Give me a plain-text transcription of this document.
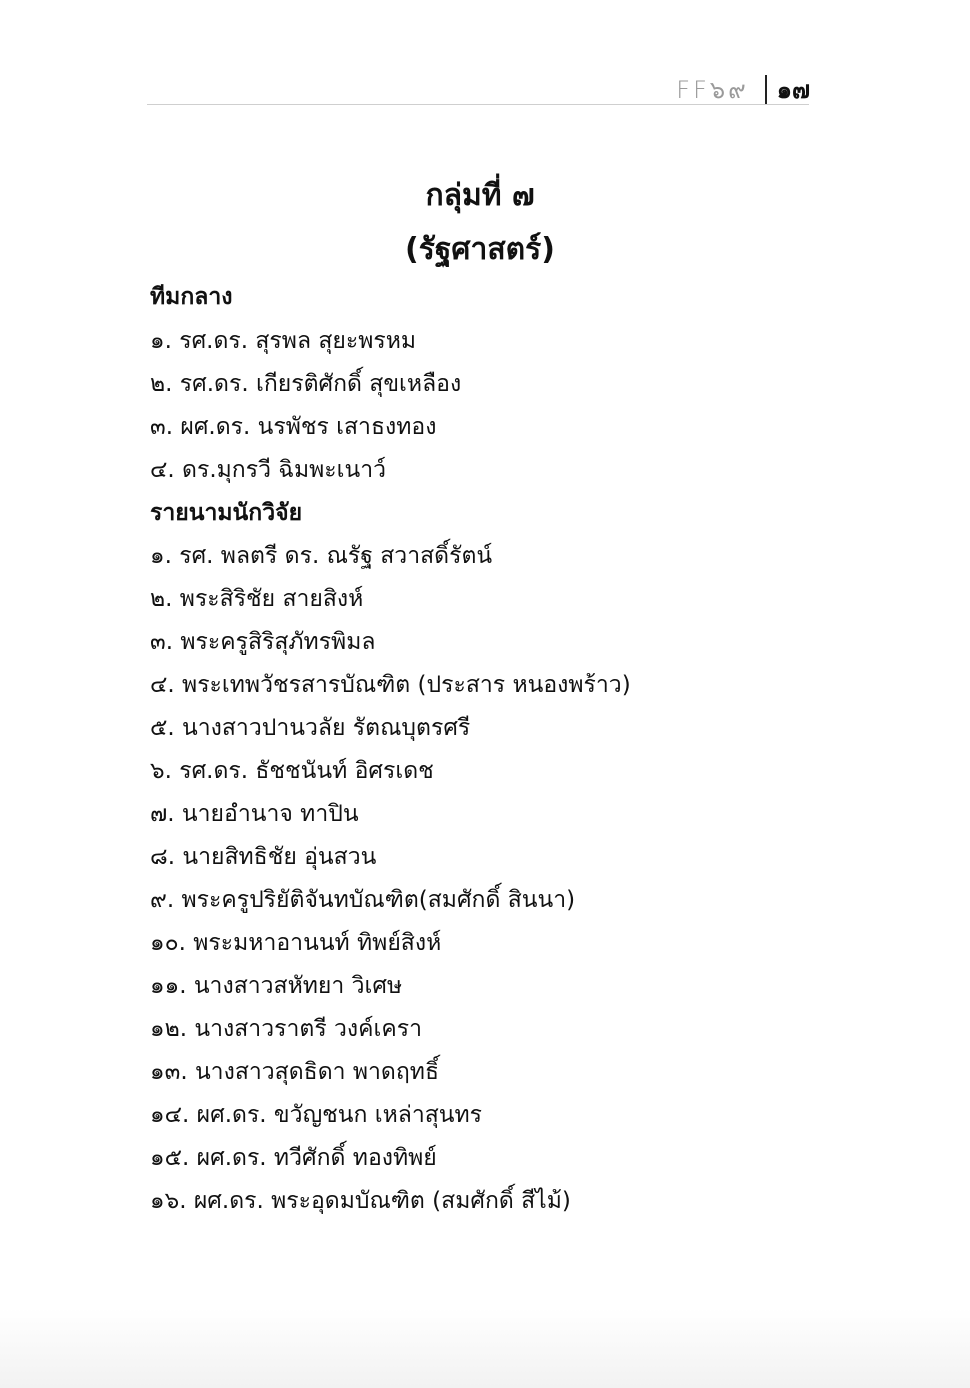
FF๖๙ ๑๗
กลุ่มที่ ๗
(รัฐศาสตร์)
ทีมกลาง
๑. รศ.ดร. สุรพล สุยะพรหม
๒. รศ.ดร. เกียรติศักดิ์ สุขเหลือง
๓. ผศ.ดร. นรพัชร เสาธงทอง
๔. ดร.มุกรวี ฉิมพะเนาว์
รายนามนักวิจัย
๑. รศ. พลตรี ดร. ณรัฐ สวาสดิ์รัตน์
๒. พระสิริชัย สายสิงห์
๓. พระครูสิริสุภัทรพิมล
๔. พระเทพวัชรสารบัณฑิต (ประสาร หนองพร้าว)
๕. นางสาวปานวลัย รัตณบุตรศรี
๖. รศ.ดร. ธัชชนันท์ อิศรเดช
๗. นายอำนาจ ทาปิน
๘. นายสิทธิชัย อุ่นสวน
๙. พระครูปริยัติจันทบัณฑิต(สมศักดิ์ สินนา)
๑๐. พระมหาอานนท์ ทิพย์สิงห์
๑๑. นางสาวสหัทยา วิเศษ
๑๒. นางสาวราตรี วงค์เครา
๑๓. นางสาวสุดธิดา พาดฤทธิ์
๑๔. ผศ.ดร. ขวัญชนก เหล่าสุนทร
๑๕. ผศ.ดร. ทวีศักดิ์ ทองทิพย์
๑๖. ผศ.ดร. พระอุดมบัณฑิต (สมศักดิ์ สีไม้)
